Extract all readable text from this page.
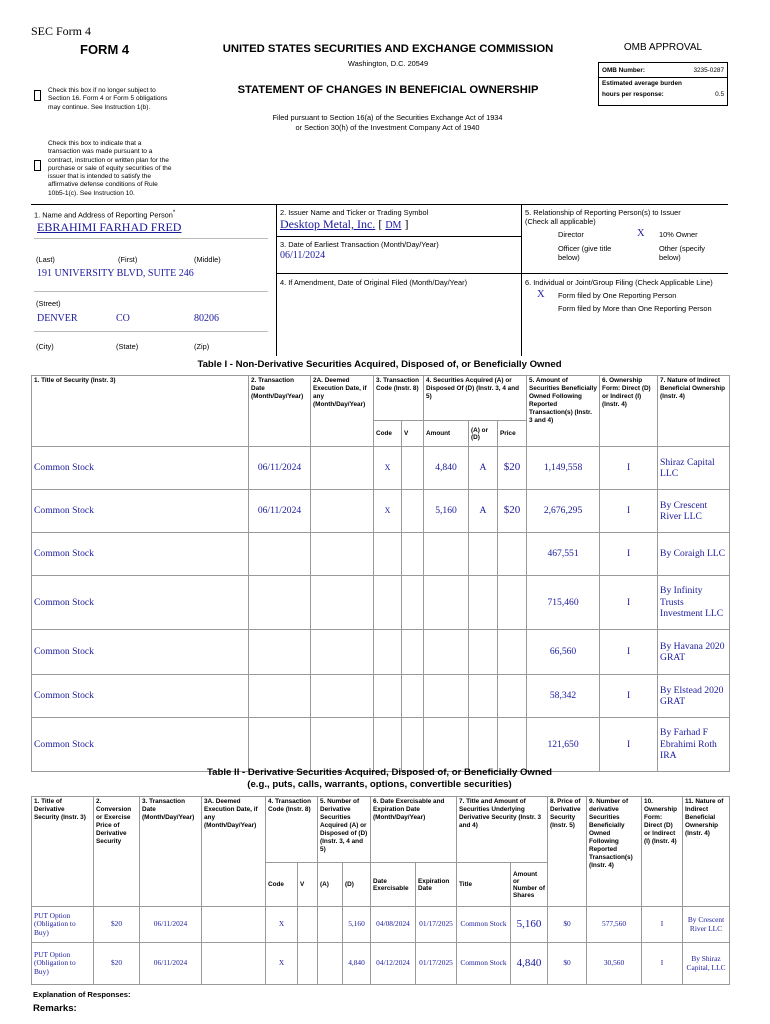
SEC Form 4
FORM 4	UNITED STATES SECURITIES AND EXCHANGE COMMISSION
Washington, D.C. 20549
STATEMENT OF CHANGES IN BENEFICIAL OWNERSHIP
Filed pursuant to Section 16(a) of the Securities Exchange Act of 1934
or Section 30(h) of the Investment Company Act of 1940
Check this box if no longer subject to
Section 16. Form 4 or Form 5 obligations
may continue. See Instruction 1(b).
Check this box to indicate that a
transaction was made pursuant to a
contract, instruction or written plan for the
purchase or sale of equity securities of the
issuer that is intended to satisfy the
affirmative defense conditions of Rule
10b5-1(c). See Instruction 10.
OMB APPROVAL
OMB Number:	3235-0287
Estimated average burden
hours per response:	0.5
1. Name and Address of Reporting Person*
EBRAHIMI FARHAD FRED
(Last)	(First)	(Middle)
191 UNIVERSITY BLVD, SUITE 246
(Street)
DENVER	CO	80206
(City)	(State)	(Zip)
2. Issuer Name and Ticker or Trading Symbol
Desktop Metal, Inc. [ DM ]
3. Date of Earliest Transaction (Month/Day/Year)
06/11/2024
4. If Amendment, Date of Original Filed (Month/Day/Year)
5. Relationship of Reporting Person(s) to Issuer
(Check all applicable)
X
Director	10% Owner
Officer (give title
below)
Other (specify
below)
6. Individual or Joint/Group Filing (Check Applicable Line)
X Form filed by One Reporting Person
Form filed by More than One Reporting Person
Table I - Non-Derivative Securities Acquired, Disposed of, or Beneficially Owned
1. Title of Security (Instr. 3)	2. Transaction Date (Month/Day/Year)	2A. Deemed Execution Date, if any (Month/Day/Year)	3. Transaction Code (Instr. 8)		4. Securities Acquired (A) or Disposed Of (D) (Instr. 3, 4 and 5)			5. Amount of Securities Beneficially Owned Following Reported Transaction(s) (Instr. 3 and 4)	6. Ownership Form: Direct (D) or Indirect (I) (Instr. 4)	7. Nature of Indirect Beneficial Ownership (Instr. 4)
			Code	V	Amount	(A) or (D)	Price			
Common Stock	06/11/2024		X		4,840	A	$20	1,149,558	I	Shiraz Capital LLC
Common Stock	06/11/2024		X		5,160	A	$20	2,676,295	I	By Crescent River LLC
Common Stock								467,551	I	By Coraigh LLC
Common Stock								715,460	I	By Infinity Trusts Investment LLC
Common Stock								66,560	I	By Havana 2020 GRAT
Common Stock								58,342	I	By Elstead 2020 GRAT
Common Stock								121,650	I	By Farhad F Ebrahimi Roth IRA
Table II - Derivative Securities Acquired, Disposed of, or Beneficially Owned
(e.g., puts, calls, warrants, options, convertible securities)
1. Title of Derivative Security (Instr. 3)	2. Conversion or Exercise Price of Derivative Security	3. Transaction Date (Month/Day/Year)	3A. Deemed Execution Date, if any (Month/Day/Year)	4. Transaction Code (Instr. 8)		5. Number of Derivative Securities Acquired (A) or Disposed of (D) (Instr. 3, 4 and 5)		6. Date Exercisable and Expiration Date (Month/Day/Year)		7. Title and Amount of Securities Underlying Derivative Security (Instr. 3 and 4)		8. Price of Derivative Security (Instr. 5)	9. Number of derivative Securities Beneficially Owned Following Reported Transaction(s) (Instr. 4)	10. Ownership Form: Direct (D) or Indirect (I) (Instr. 4)	11. Nature of Indirect Beneficial Ownership (Instr. 4)
				Code	V	(A)	(D)	Date Exercisable	Expiration Date	Title	Amount or Number of Shares				
PUT Option (Obligation to Buy)	$20	06/11/2024		X			5,160	04/08/2024	01/17/2025	Common Stock	5,160	$0	577,560	I	By Crescent River LLC
PUT Option (Obligation to Buy)	$20	06/11/2024		X			4,840	04/12/2024	01/17/2025	Common Stock	4,840	$0	30,560	I	By Shiraz Capital, LLC
Explanation of Responses:
Remarks:
